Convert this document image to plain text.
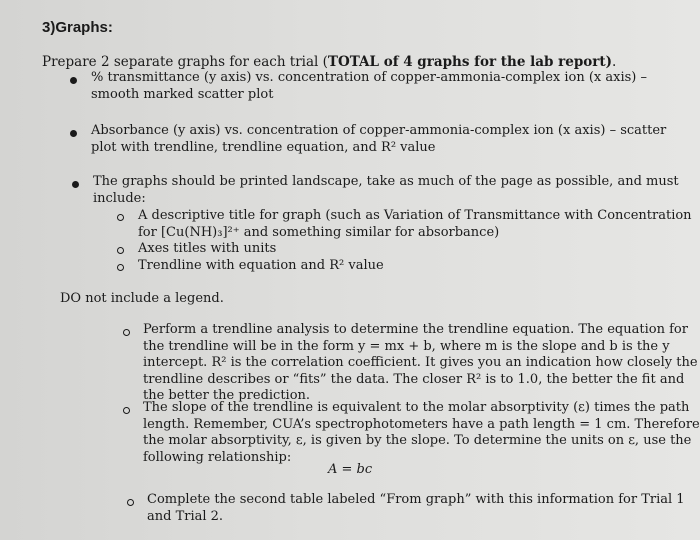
3)Graphs:
Prepare 2 separate graphs for each trial (TOTAL of 4 graphs for the lab report).
% transmittance (y axis) vs. concentration of copper-ammonia-complex ion (x axis) –
smooth marked scatter plot
Absorbance (y axis) vs. concentration of copper-ammonia-complex ion (x axis) – scatter
plot with trendline, trendline equation, and R² value
The graphs should be printed landscape, take as much of the page as possible, and must
include:
A descriptive title for graph (such as Variation of Transmittance with Concentration
for [Cu(NH)₃]²⁺ and something similar for absorbance)
Axes titles with units
Trendline with equation and R² value
DO not include a legend.
Perform a trendline analysis to determine the trendline equation. The equation for
the trendline will be in the form y = mx + b, where m is the slope and b is the y
intercept. R² is the correlation coefficient. It gives you an indication how closely the
trendline describes or “fits” the data. The closer R² is to 1.0, the better the fit and
the better the prediction.
The slope of the trendline is equivalent to the molar absorptivity (ε) times the path
length. Remember, CUA’s spectrophotometers have a path length = 1 cm. Therefore
the molar absorptivity, ε, is given by the slope. To determine the units on ε, use the
following relationship:
A = bc
Complete the second table labeled “From graph” with this information for Trial 1
and Trial 2.
